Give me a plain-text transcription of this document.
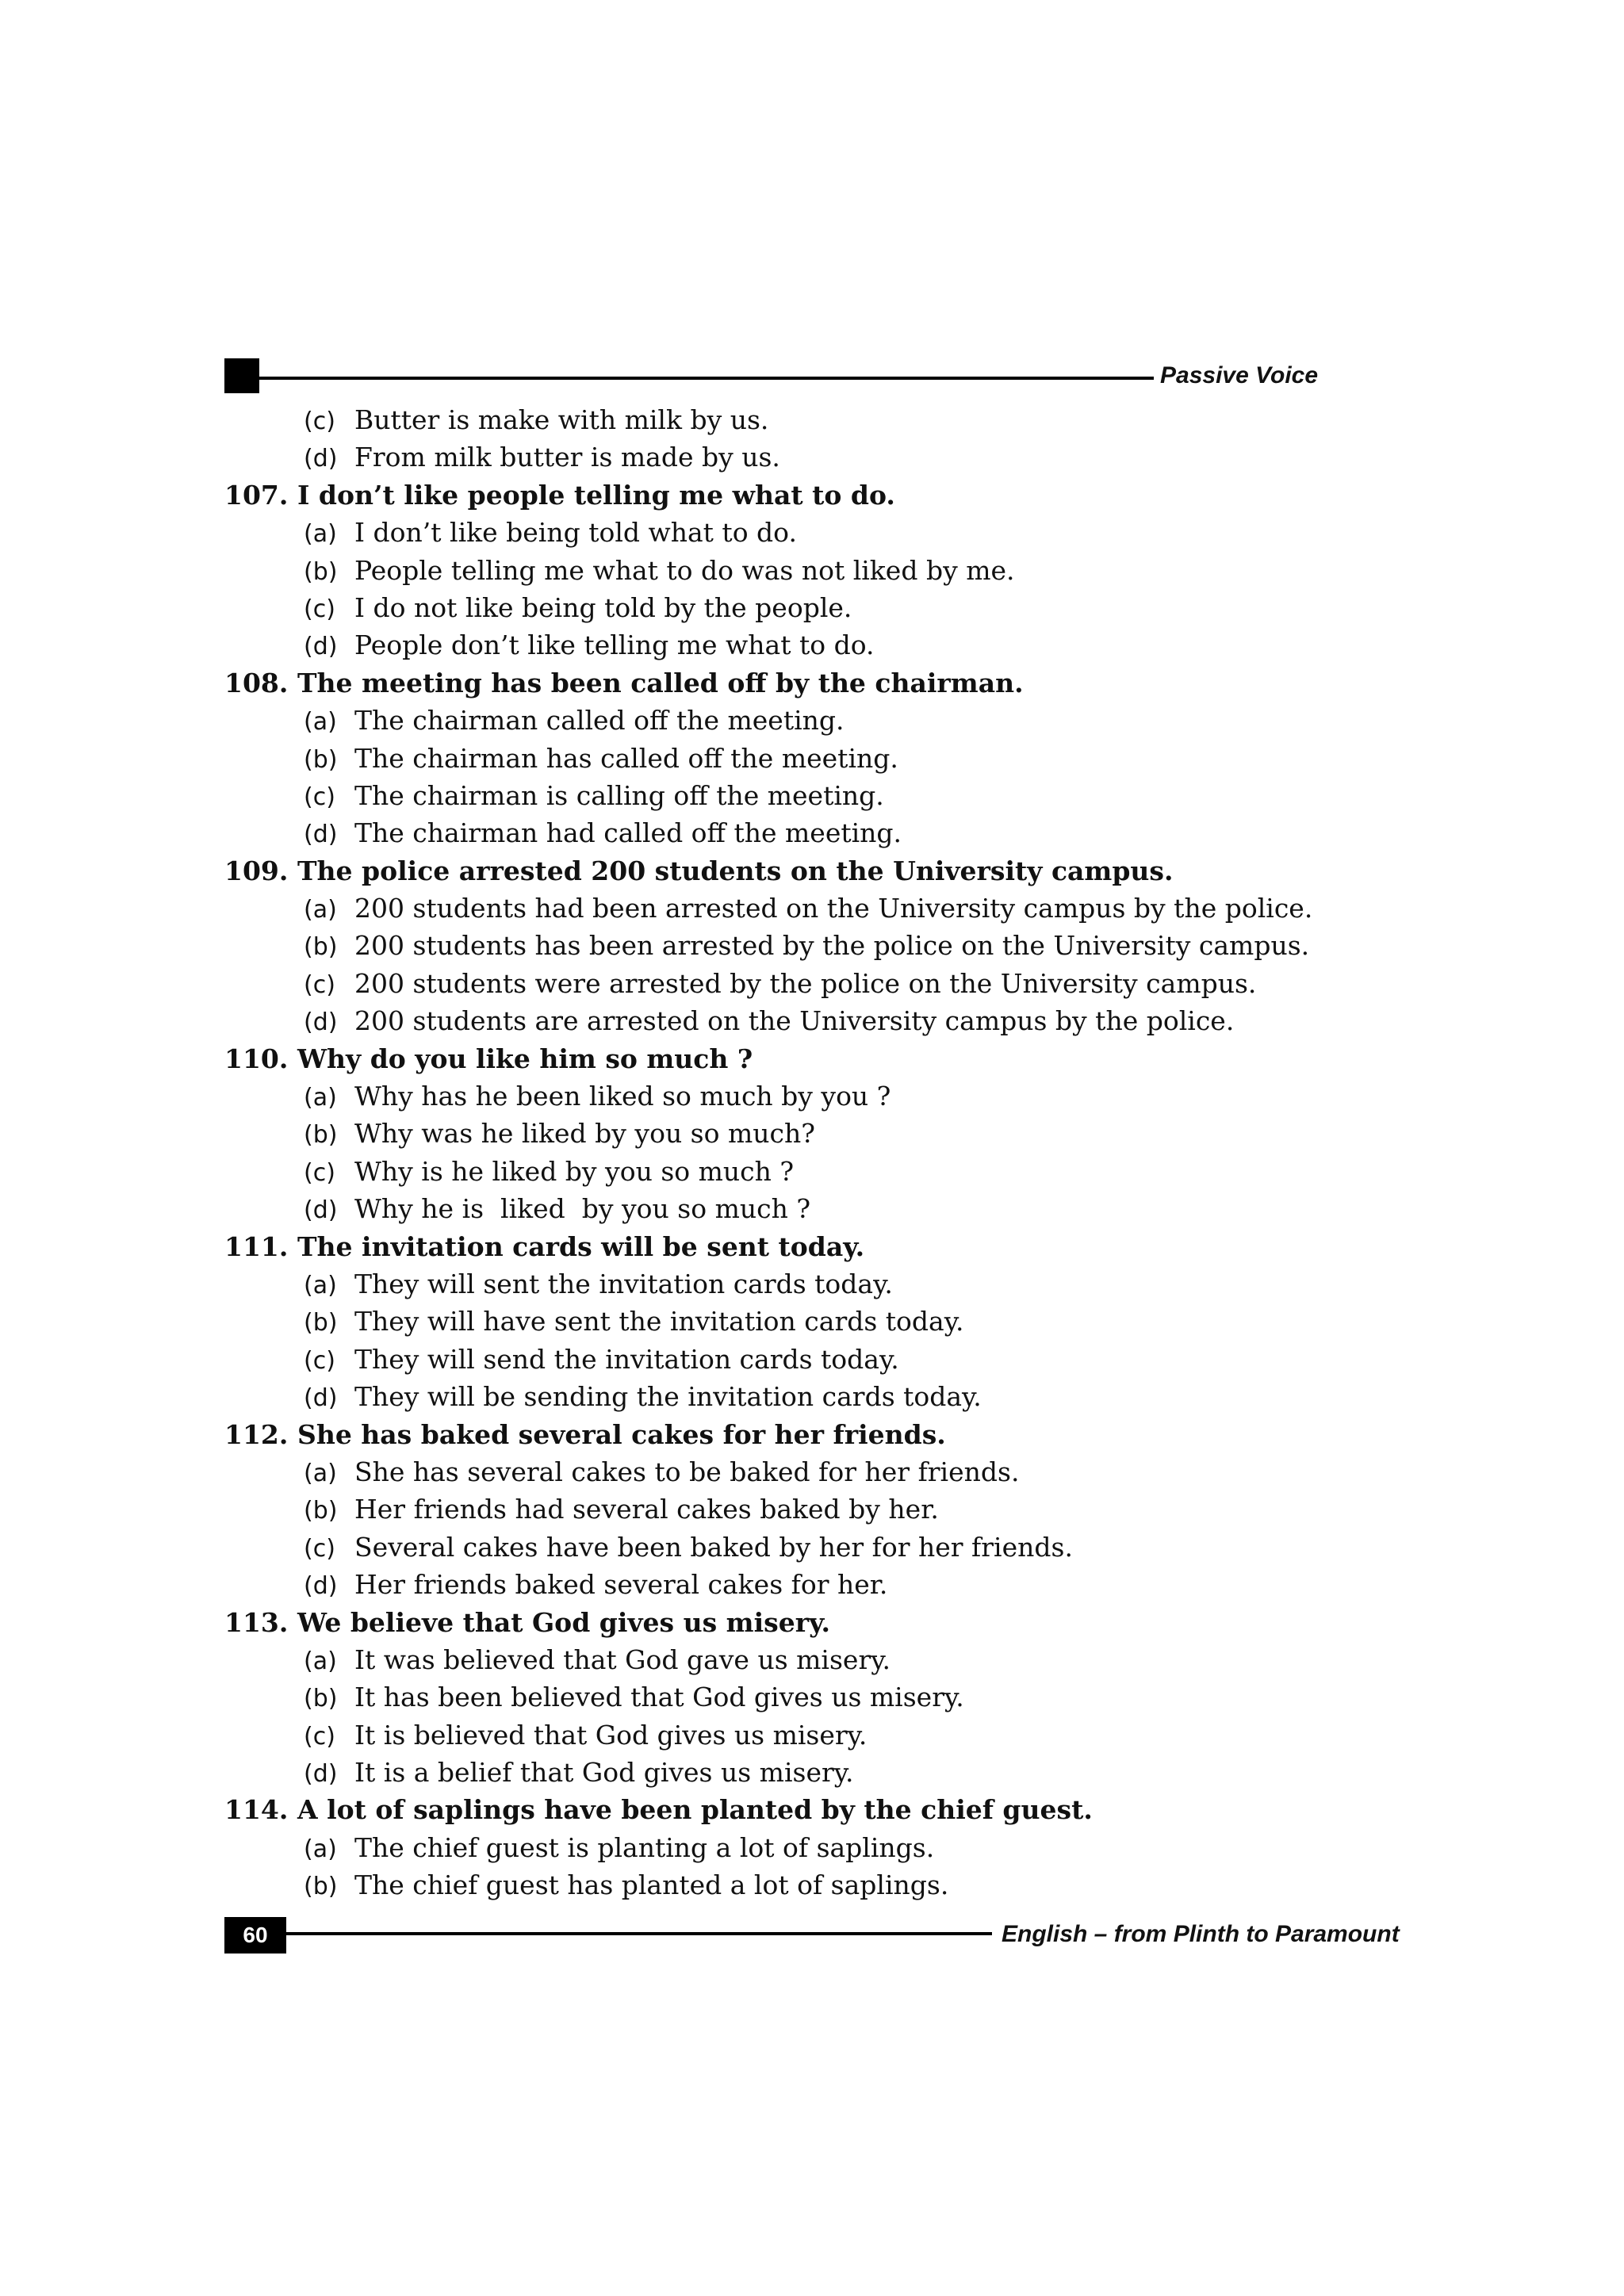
Passive Voice
(c) Butter is make with milk by us.
(d) From milk butter is made by us.
107. I don’t like people telling me what to do.
(a) I don’t like being told what to do.
(b) People telling me what to do was not liked by me.
(c) I do not like being told by the people.
(d) People don’t like telling me what to do.
108. The meeting has been called off by the chairman.
(a) The chairman called off the meeting.
(b) The chairman has called off the meeting.
(c) The chairman is calling off the meeting.
(d) The chairman had called off the meeting.
109. The police arrested 200 students on the University campus.
(a) 200 students had been arrested on the University campus by the police.
(b) 200 students has been arrested by the police on the University campus.
(c) 200 students were arrested by the police on the University campus.
(d) 200 students are arrested on the University campus by the police.
110. Why do you like him so much ?
(a) Why has he been liked so much by you ?
(b) Why was he liked by you so much?
(c) Why is he liked by you so much ?
(d) Why he is  liked  by you so much ?
111. The invitation cards will be sent today.
(a) They will sent the invitation cards today.
(b) They will have sent the invitation cards today.
(c) They will send the invitation cards today.
(d) They will be sending the invitation cards today.
112. She has baked several cakes for her friends.
(a) She has several cakes to be baked for her friends.
(b) Her friends had several cakes baked by her.
(c) Several cakes have been baked by her for her friends.
(d) Her friends baked several cakes for her.
113. We believe that God gives us misery.
(a) It was believed that God gave us misery.
(b) It has been believed that God gives us misery.
(c) It is believed that God gives us misery.
(d) It is a belief that God gives us misery.
114. A lot of saplings have been planted by the chief guest.
(a) The chief guest is planting a lot of saplings.
(b) The chief guest has planted a lot of saplings.
60	English – from Plinth to Paramount
